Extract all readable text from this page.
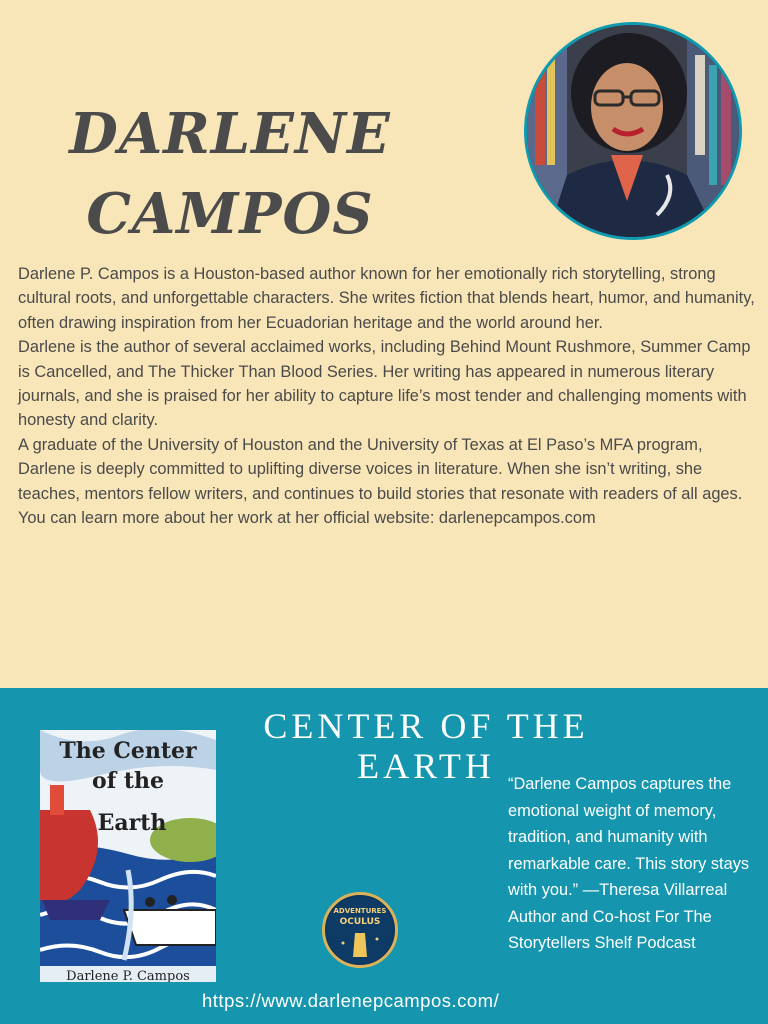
DARLENE
CAMPOS

Darlene P. Campos is a Houston-based author known for her emotionally rich storytelling, strong cultural roots, and unforgettable characters. She writes fiction that blends heart, humor, and humanity, often drawing inspiration from her Ecuadorian heritage and the world around her.

Darlene is the author of several acclaimed works, including Behind Mount Rushmore, Summer Camp is Cancelled, and The Thicker Than Blood Series. Her writing has appeared in numerous literary journals, and she is praised for her ability to capture life’s most tender and challenging moments with honesty and clarity.

A graduate of the University of Houston and the University of Texas at El Paso’s MFA program, Darlene is deeply committed to uplifting diverse voices in literature. When she isn’t writing, she teaches, mentors fellow writers, and continues to build stories that resonate with readers of all ages.

You can learn more about her work at her official website: darlenepcampos.com

CENTER OF THE
EARTH
The Center
of the
Earth
Darlene P. Campos
“Darlene Campos captures the emotional weight of memory, tradition, and humanity with remarkable care. This story stays with you.” —Theresa Villarreal Author and Co-host For The Storytellers Shelf Podcast
ADVENTURES
OCULUS
https://www.darlenepcampos.com/
